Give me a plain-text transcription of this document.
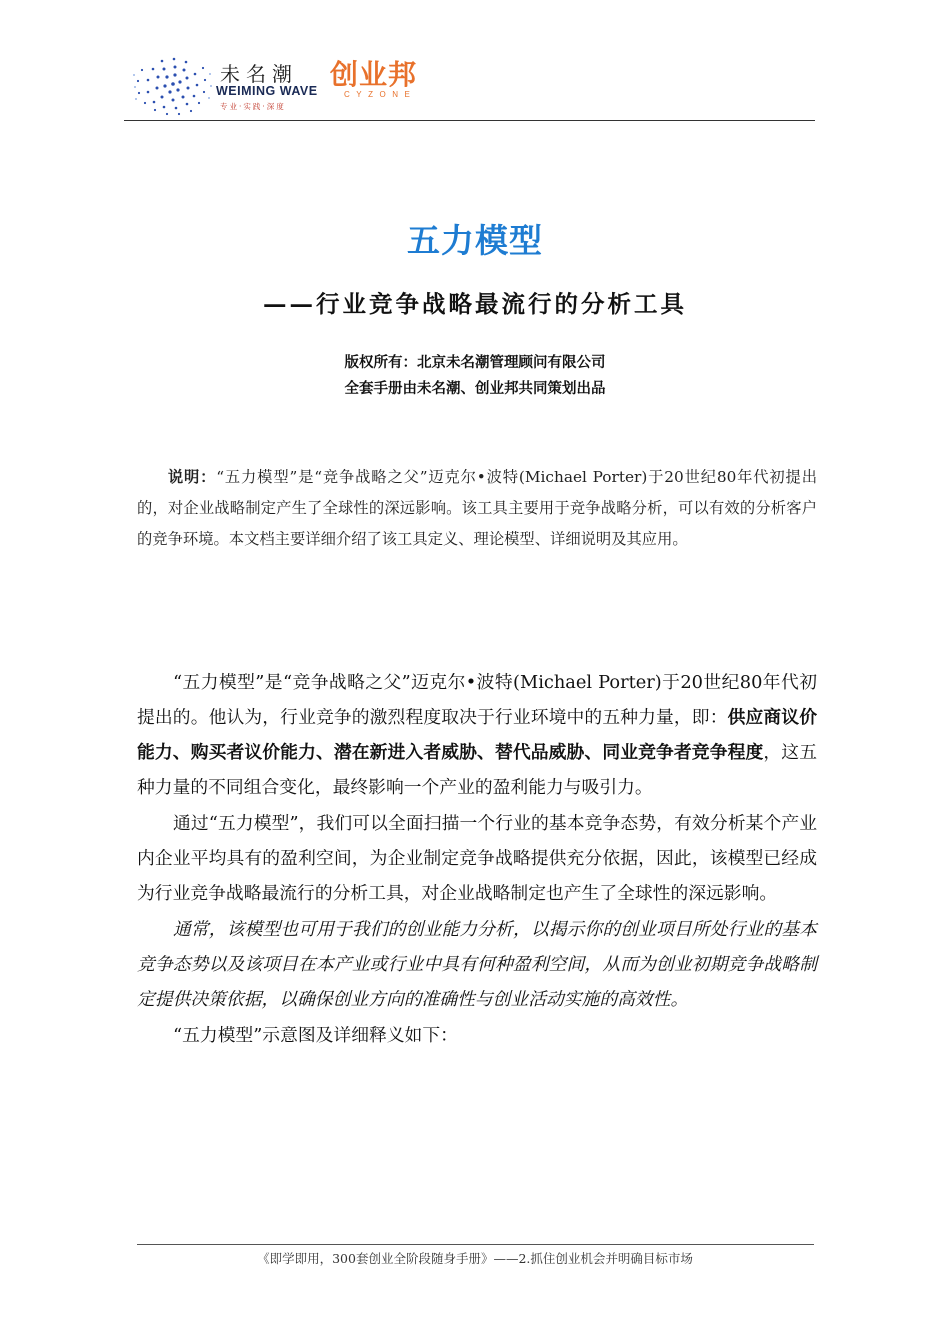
未名潮
WEIMING WAVE
专业·实践·深度
创业邦
CYZONE
五力模型
——行业竞争战略最流行的分析工具
版权所有：北京未名潮管理顾问有限公司
全套手册由未名潮、创业邦共同策划出品
说明：“五力模型”是“竞争战略之父”迈克尔•波特(Michael Porter)于20世纪80年代初提出的，对企业战略制定产生了全球性的深远影响。该工具主要用于竞争战略分析，可以有效的分析客户的竞争环境。本文档主要详细介绍了该工具定义、理论模型、详细说明及其应用。

“五力模型”是“竞争战略之父”迈克尔•波特(Michael Porter)于20世纪80年代初提出的。他认为，行业竞争的激烈程度取决于行业环境中的五种力量，即：供应商议价能力、购买者议价能力、潜在新进入者威胁、替代品威胁、同业竞争者竞争程度，这五种力量的不同组合变化，最终影响一个产业的盈利能力与吸引力。

通过“五力模型”，我们可以全面扫描一个行业的基本竞争态势，有效分析某个产业内企业平均具有的盈利空间，为企业制定竞争战略提供充分依据，因此，该模型已经成为行业竞争战略最流行的分析工具，对企业战略制定也产生了全球性的深远影响。

通常，该模型也可用于我们的创业能力分析，以揭示你的创业项目所处行业的基本竞争态势以及该项目在本产业或行业中具有何种盈利空间，从而为创业初期竞争战略制定提供决策依据，以确保创业方向的准确性与创业活动实施的高效性。

“五力模型”示意图及详细释义如下：

《即学即用，300套创业全阶段随身手册》——2.抓住创业机会并明确目标市场
